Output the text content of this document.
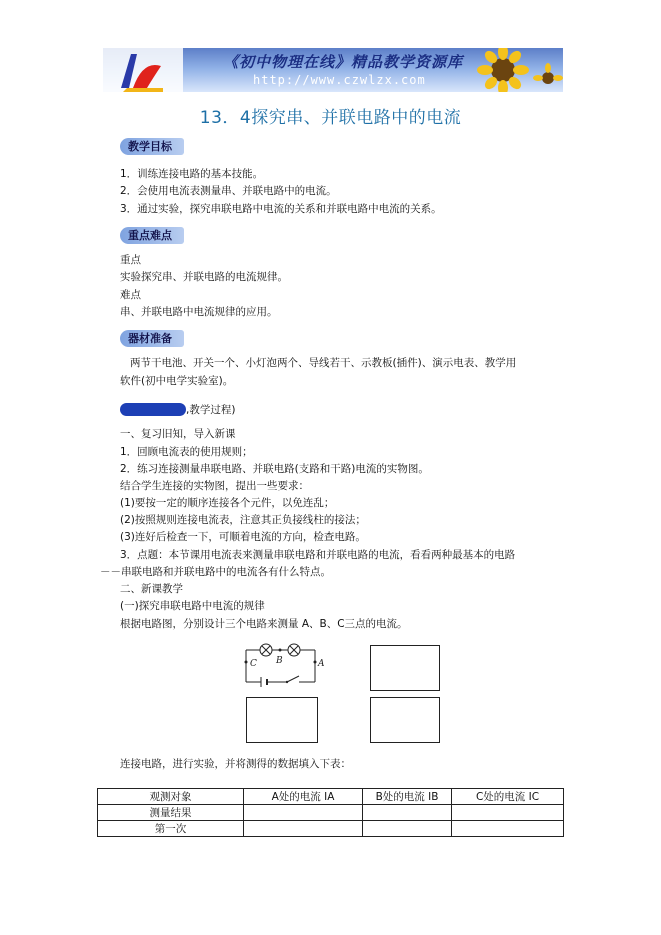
《初中物理在线》精品教学资源库
http://www.czwlzx.com
13．4探究串、并联电路中的电流
教学目标
1．训练连接电路的基本技能。
2．会使用电流表测量串、并联电路中的电流。
3．通过实验，探究串联电路中电流的关系和并联电路中电流的关系。
重点难点
重点
实验探究串、并联电路的电流规律。
难点
串、并联电路中电流规律的应用。
器材准备
两节干电池、开关一个、小灯泡两个、导线若干、示教板(插件)、演示电表、教学用
软件(初中电学实验室)。
,教学过程)
一、复习旧知，导入新课
1．回顾电流表的使用规则；
2．练习连接测量串联电路、并联电路(支路和干路)电流的实物图。
结合学生连接的实物图，提出一些要求：
(1)要按一定的顺序连接各个元件，以免连乱；
(2)按照规则连接电流表，注意其正负接线柱的接法；
(3)连好后检查一下，可顺着电流的方向，检查电路。
3．点题：本节课用电流表来测量串联电路和并联电路的电流，看看两种最基本的电路
－－串联电路和并联电路中的电流各有什么特点。
二、新课教学
(一)探究串联电路中电流的规律
根据电路图，分别设计三个电路来测量 A、B、C三点的电流。
C	A
B
连接电路，进行实验，并将测得的数据填入下表：
观测对象	A处的电流 IA	B处的电流 IB	C处的电流 IC
测量结果			
第一次			
